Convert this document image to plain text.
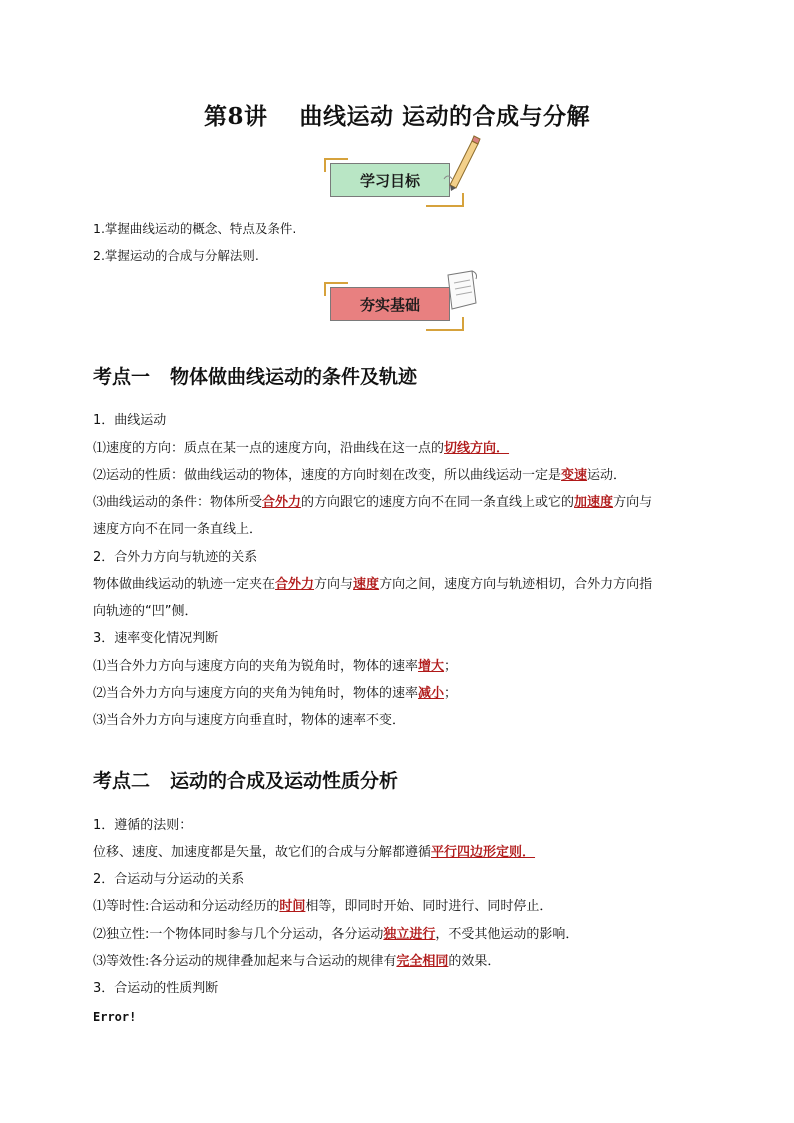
第8讲　 曲线运动 运动的合成与分解
学习目标
1.掌握曲线运动的概念、特点及条件.
2.掌握运动的合成与分解法则.
夯实基础
考点一 物体做曲线运动的条件及轨迹
1．曲线运动
⑴速度的方向：质点在某一点的速度方向，沿曲线在这一点的切线方向．
⑵运动的性质：做曲线运动的物体，速度的方向时刻在改变，所以曲线运动一定是变速运动．
⑶曲线运动的条件：物体所受合外力的方向跟它的速度方向不在同一条直线上或它的加速度方向与
速度方向不在同一条直线上．
2．合外力方向与轨迹的关系
物体做曲线运动的轨迹一定夹在合外力方向与速度方向之间，速度方向与轨迹相切，合外力方向指
向轨迹的“凹”侧．
3．速率变化情况判断
⑴当合外力方向与速度方向的夹角为锐角时，物体的速率增大；
⑵当合外力方向与速度方向的夹角为钝角时，物体的速率减小；
⑶当合外力方向与速度方向垂直时，物体的速率不变．
考点二 运动的合成及运动性质分析
1．遵循的法则：
位移、速度、加速度都是矢量，故它们的合成与分解都遵循平行四边形定则．
2．合运动与分运动的关系
⑴等时性:合运动和分运动经历的时间相等，即同时开始、同时进行、同时停止．
⑵独立性:一个物体同时参与几个分运动，各分运动独立进行，不受其他运动的影响．
⑶等效性:各分运动的规律叠加起来与合运动的规律有完全相同的效果．
3．合运动的性质判断
Error!
